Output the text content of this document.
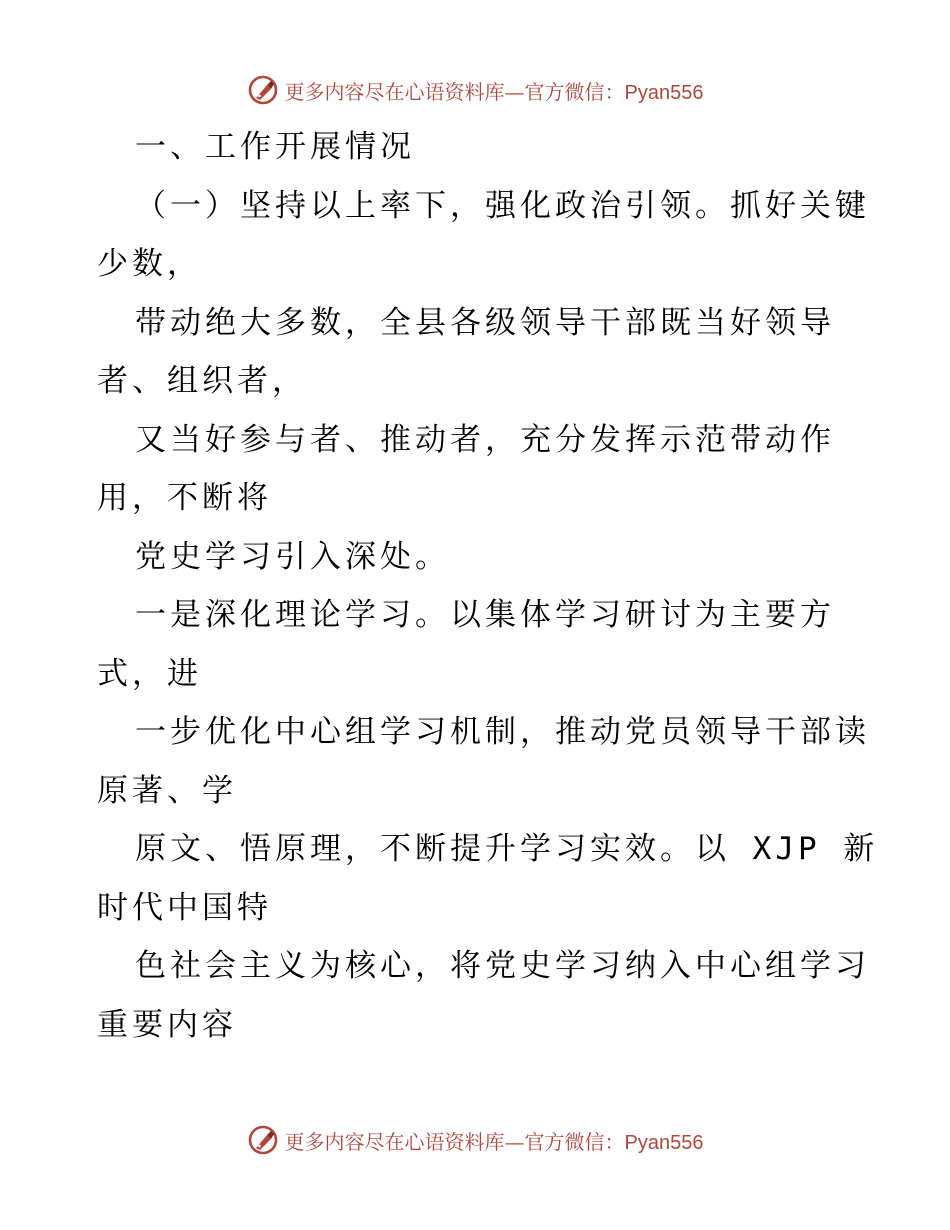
更多内容尽在心语资料库—官方微信：Pyan556
一、工作开展情况
（一）坚持以上率下，强化政治引领。抓好关键
少数，
带动绝大多数，全县各级领导干部既当好领导
者、组织者，
又当好参与者、推动者，充分发挥示范带动作
用，不断将
党史学习引入深处。
一是深化理论学习。以集体学习研讨为主要方
式，进
一步优化中心组学习机制，推动党员领导干部读
原著、学
原文、悟原理，不断提升学习实效。以 XJP 新
时代中国特
色社会主义为核心，将党史学习纳入中心组学习
重要内容
更多内容尽在心语资料库—官方微信：Pyan556
